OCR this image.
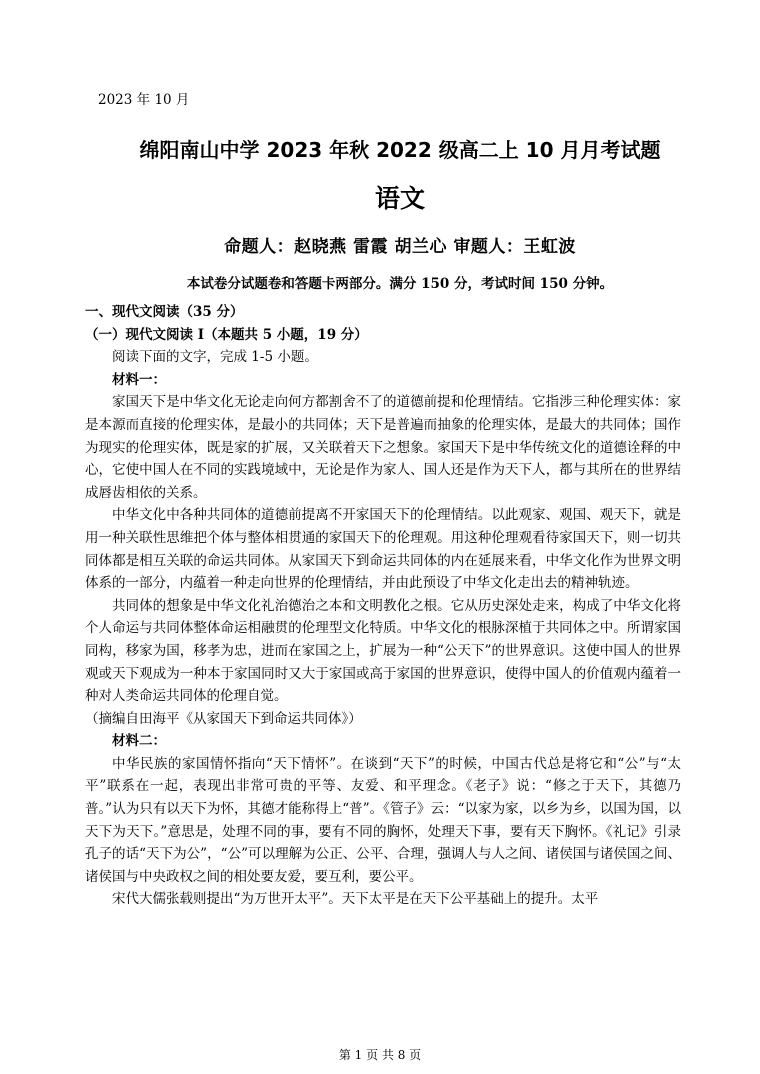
2023 年 10 月
绵阳南山中学 2023 年秋 2022 级高二上 10 月月考试题
语文
命题人：赵晓燕 雷霞 胡兰心 审题人：王虹波
本试卷分试题卷和答题卡两部分。满分 150 分，考试时间 150 分钟。

一、现代文阅读（35 分）

（一）现代文阅读 I（本题共 5 小题，19 分）

阅读下面的文字，完成 1-5 小题。

材料一：

家国天下是中华文化无论走向何方都割舍不了的道德前提和伦理情结。它指涉三种伦理实体：家是本源而直接的伦理实体，是最小的共同体；天下是普遍而抽象的伦理实体，是最大的共同体；国作为现实的伦理实体，既是家的扩展，又关联着天下之想象。家国天下是中华传统文化的道德诠释的中心，它使中国人在不同的实践境域中，无论是作为家人、国人还是作为天下人，都与其所在的世界结成唇齿相依的关系。

中华文化中各种共同体的道德前提离不开家国天下的伦理情结。以此观家、观国、观天下，就是用一种关联性思维把个体与整体相贯通的家国天下的伦理观。用这种伦理观看待家国天下，则一切共同体都是相互关联的命运共同体。从家国天下到命运共同体的内在延展来看，中华文化作为世界文明体系的一部分，内蕴着一种走向世界的伦理情结，并由此预设了中华文化走出去的精神轨迹。

共同体的想象是中华文化礼治德治之本和文明教化之根。它从历史深处走来，构成了中华文化将个人命运与共同体整体命运相融贯的伦理型文化特质。中华文化的根脉深植于共同体之中。所谓家国同构，移家为国，移孝为忠，进而在家国之上，扩展为一种“公天下”的世界意识。这使中国人的世界观或天下观成为一种本于家国同时又大于家国或高于家国的世界意识，使得中国人的价值观内蕴着一种对人类命运共同体的伦理自觉。

（摘编自田海平《从家国天下到命运共同体》）

材料二：

中华民族的家国情怀指向“天下情怀”。在谈到“天下”的时候，中国古代总是将它和“公”与“太平”联系在一起，表现出非常可贵的平等、友爱、和平理念。《老子》说：“修之于天下，其德乃普。”认为只有以天下为怀，其德才能称得上“普”。《管子》云：“以家为家，以乡为乡，以国为国，以天下为天下。”意思是，处理不同的事，要有不同的胸怀，处理天下事，要有天下胸怀。《礼记》引录孔子的话“天下为公”，“公”可以理解为公正、公平、合理，强调人与人之间、诸侯国与诸侯国之间、诸侯国与中央政权之间的相处要友爱，要互利，要公平。

宋代大儒张载则提出“为万世开太平”。天下太平是在天下公平基础上的提升。太平

第 1 页 共 8 页
